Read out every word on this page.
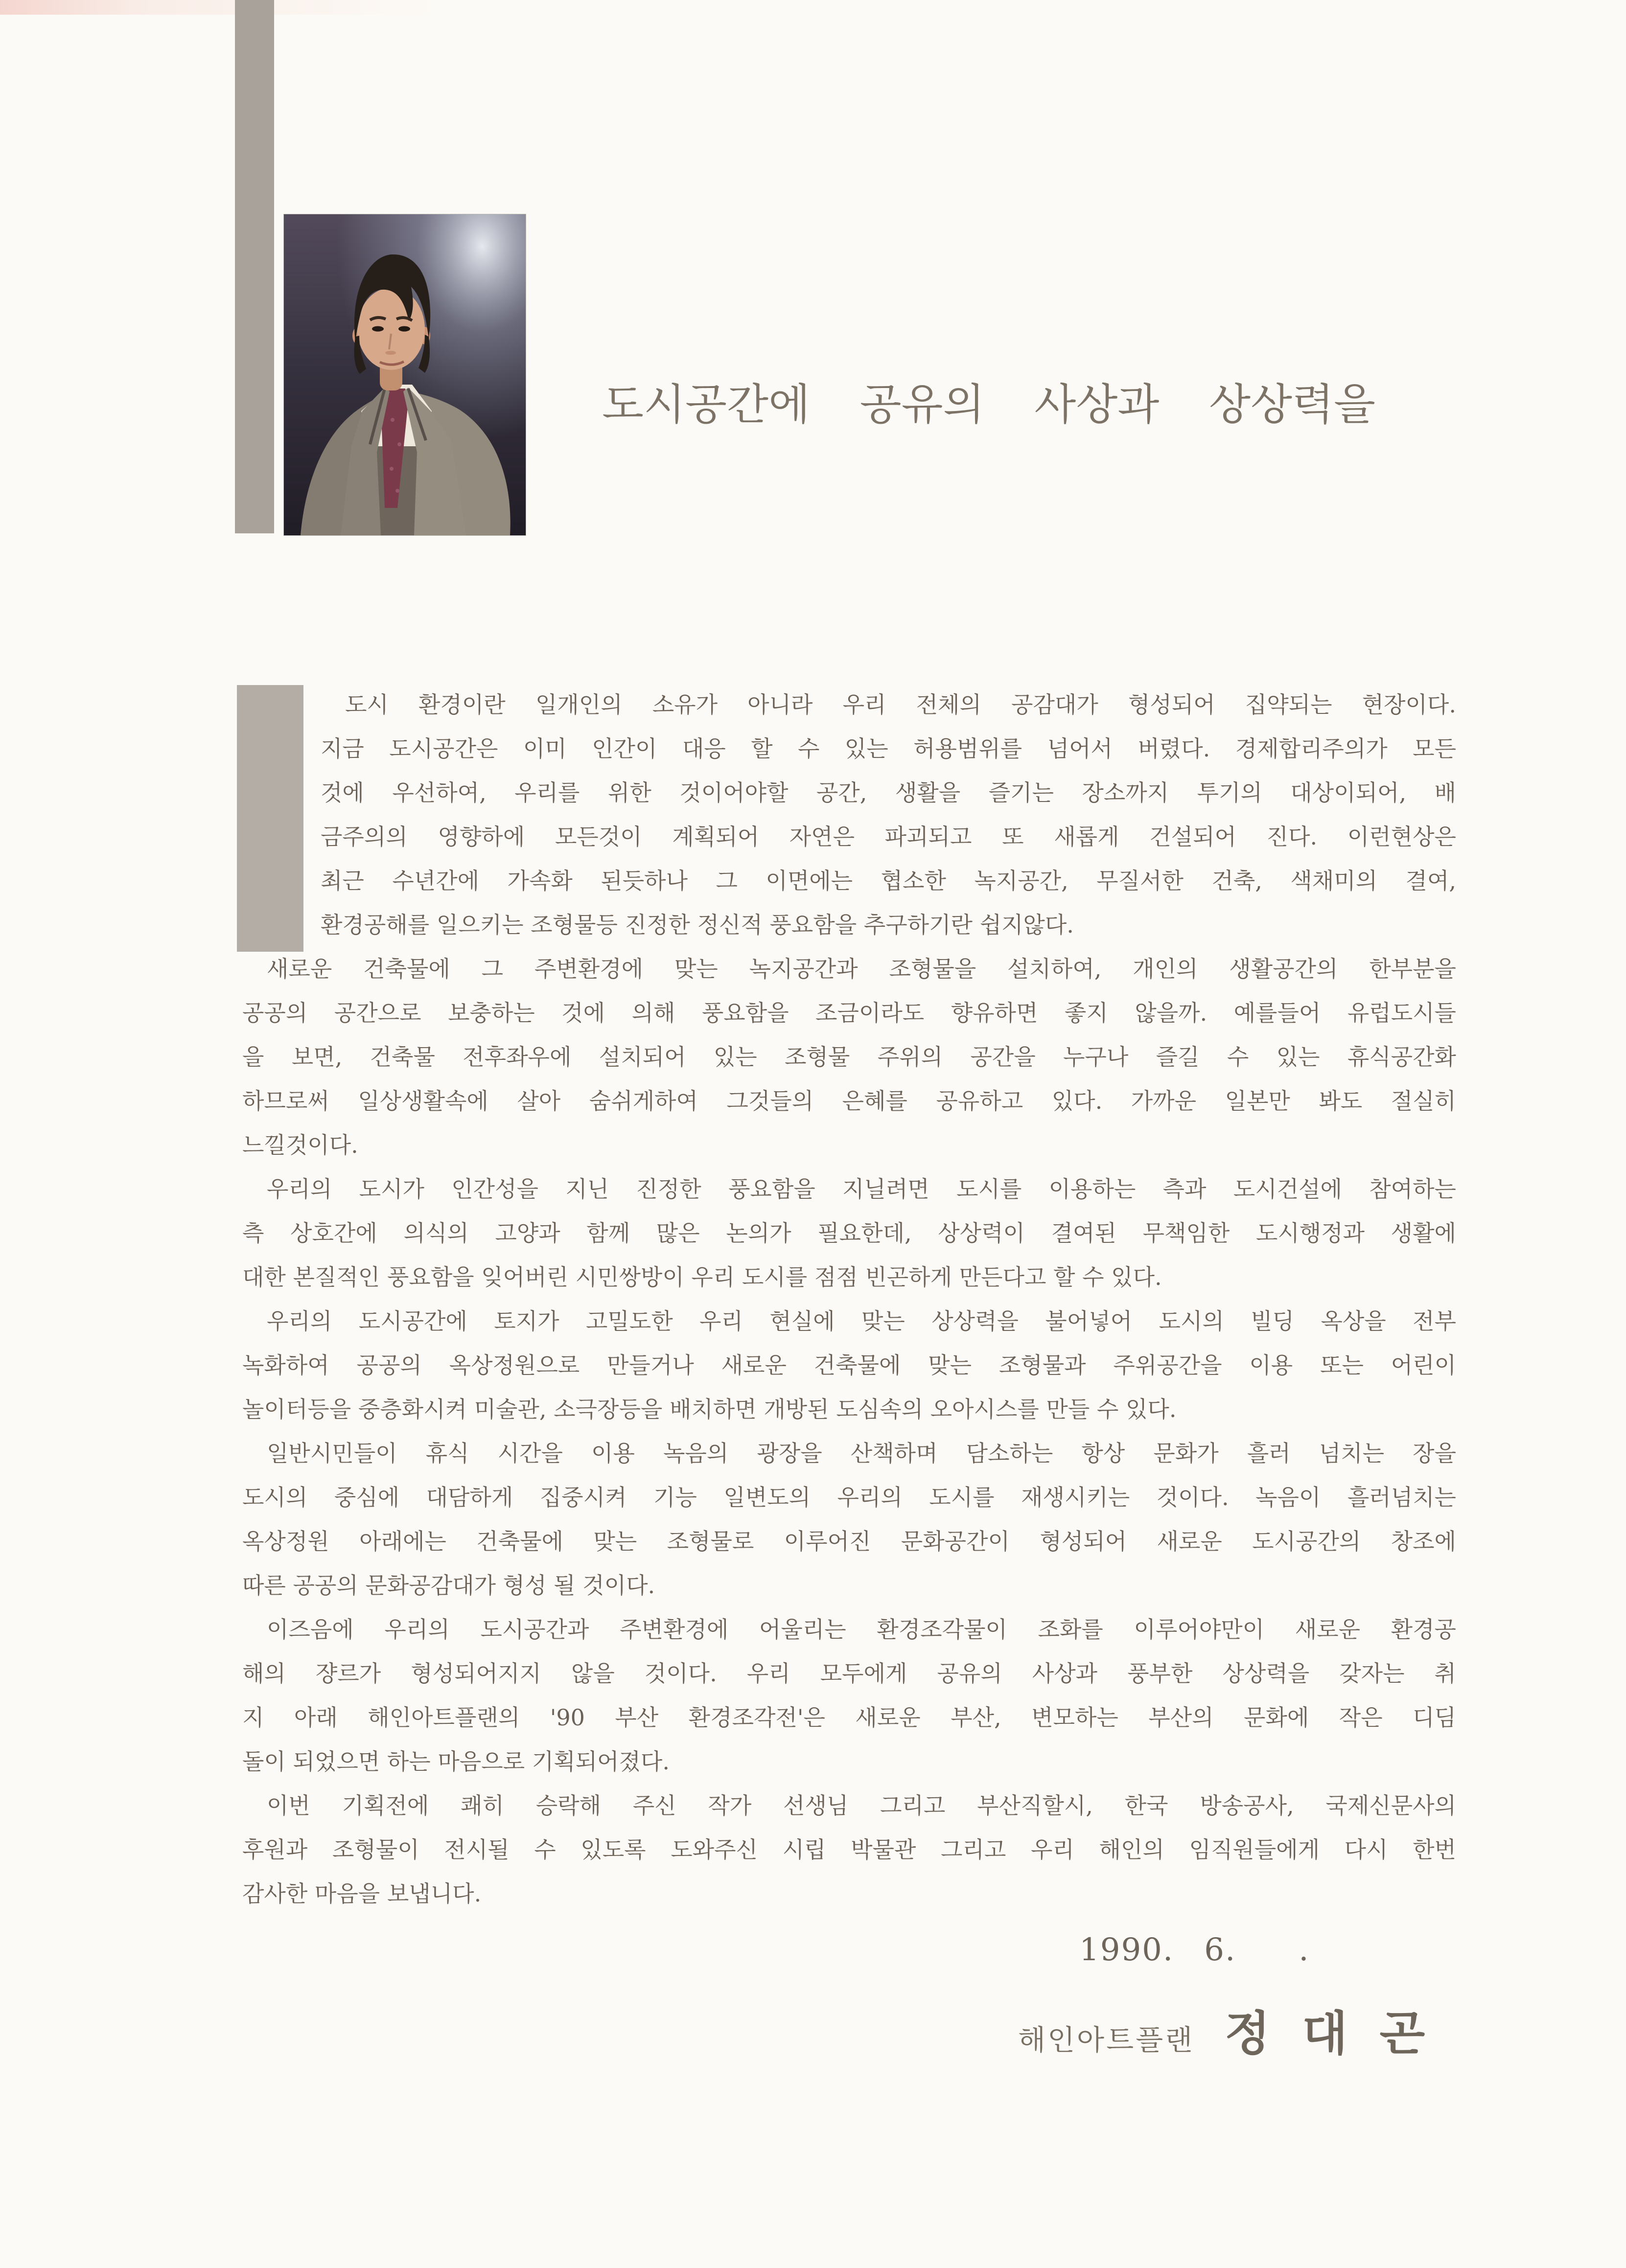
도시공간에 공유의 사상과 상상력을
도시 환경이란 일개인의 소유가 아니라 우리 전체의 공감대가 형성되어 집약되는 현장이다.
지금 도시공간은 이미 인간이 대응 할 수 있는 허용범위를 넘어서 버렸다. 경제합리주의가 모든
것에 우선하여, 우리를 위한 것이어야할 공간, 생활을 즐기는 장소까지 투기의 대상이되어, 배
금주의의 영향하에 모든것이 계획되어 자연은 파괴되고 또 새롭게 건설되어 진다. 이런현상은
최근 수년간에 가속화 된듯하나 그 이면에는 협소한 녹지공간, 무질서한 건축, 색채미의 결여,
환경공해를 일으키는 조형물등 진정한 정신적 풍요함을 추구하기란 쉽지않다.
새로운 건축물에 그 주변환경에 맞는 녹지공간과 조형물을 설치하여, 개인의 생활공간의 한부분을
공공의 공간으로 보충하는 것에 의해 풍요함을 조금이라도 향유하면 좋지 않을까. 예를들어 유럽도시들
을 보면, 건축물 전후좌우에 설치되어 있는 조형물 주위의 공간을 누구나 즐길 수 있는 휴식공간화
하므로써 일상생활속에 살아 숨쉬게하여 그것들의 은혜를 공유하고 있다. 가까운 일본만 봐도 절실히
느낄것이다.
우리의 도시가 인간성을 지닌 진정한 풍요함을 지닐려면 도시를 이용하는 측과 도시건설에 참여하는
측 상호간에 의식의 고양과 함께 많은 논의가 필요한데, 상상력이 결여된 무책임한 도시행정과 생활에
대한 본질적인 풍요함을 잊어버린 시민쌍방이 우리 도시를 점점 빈곤하게 만든다고 할 수 있다.
우리의 도시공간에 토지가 고밀도한 우리 현실에 맞는 상상력을 불어넣어 도시의 빌딩 옥상을 전부
녹화하여 공공의 옥상정원으로 만들거나 새로운 건축물에 맞는 조형물과 주위공간을 이용 또는 어린이
놀이터등을 중층화시켜 미술관, 소극장등을 배치하면 개방된 도심속의 오아시스를 만들 수 있다.
일반시민들이 휴식 시간을 이용 녹음의 광장을 산책하며 담소하는 항상 문화가 흘러 넘치는 장을
도시의 중심에 대담하게 집중시켜 기능 일변도의 우리의 도시를 재생시키는 것이다. 녹음이 흘러넘치는
옥상정원 아래에는 건축물에 맞는 조형물로 이루어진 문화공간이 형성되어 새로운 도시공간의 창조에
따른 공공의 문화공감대가 형성 될 것이다.
이즈음에 우리의 도시공간과 주변환경에 어울리는 환경조각물이 조화를 이루어야만이 새로운 환경공
해의 쟝르가 형성되어지지 않을 것이다. 우리 모두에게 공유의 사상과 풍부한 상상력을 갖자는 취
지 아래 해인아트플랜의 '90 부산 환경조각전'은 새로운 부산, 변모하는 부산의 문화에 작은 디딤
돌이 되었으면 하는 마음으로 기획되어졌다.
이번 기획전에 쾌히 승락해 주신 작가 선생님 그리고 부산직할시, 한국 방송공사, 국제신문사의
후원과 조형물이 전시될 수 있도록 도와주신 시립 박물관 그리고 우리 해인의 임직원들에게 다시 한번
감사한 마음을 보냅니다.
1990. 6. .
해인아트플랜 정 대 곤
